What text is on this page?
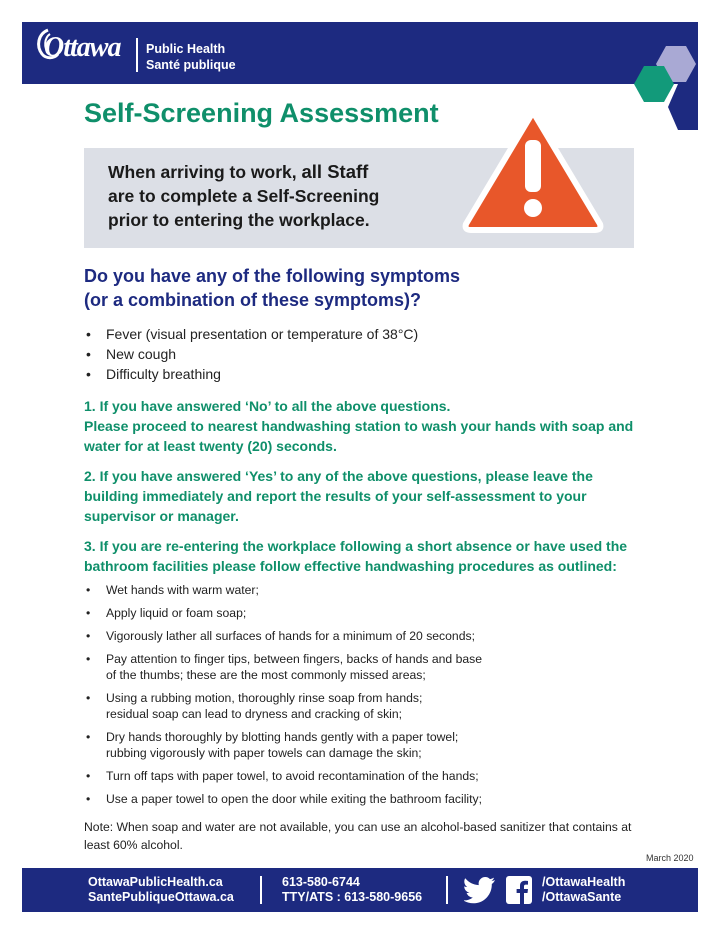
Ottawa Public Health
Santé publique
Self-Screening Assessment
When arriving to work, all Staff
are to complete a Self-Screening
prior to entering the workplace.
Do you have any of the following symptoms
(or a combination of these symptoms)?
• Fever (visual presentation or temperature of 38°C)
• New cough
• Difficulty breathing
1. If you have answered ‘No’ to all the above questions.
Please proceed to nearest handwashing station to wash your hands with soap and water for at least twenty (20) seconds.
2. If you have answered ‘Yes’ to any of the above questions, please leave the building immediately and report the results of your self-assessment to your supervisor or manager.
3. If you are re-entering the workplace following a short absence or have used the bathroom facilities please follow effective handwashing procedures as outlined:
• Wet hands with warm water;
• Apply liquid or foam soap;
• Vigorously lather all surfaces of hands for a minimum of 20 seconds;
• Pay attention to finger tips, between fingers, backs of hands and base
of the thumbs; these are the most commonly missed areas;
• Using a rubbing motion, thoroughly rinse soap from hands;
residual soap can lead to dryness and cracking of skin;
• Dry hands thoroughly by blotting hands gently with a paper towel;
rubbing vigorously with paper towels can damage the skin;
• Turn off taps with paper towel, to avoid recontamination of the hands;
• Use a paper towel to open the door while exiting the bathroom facility;
Note: When soap and water are not available, you can use an alcohol-based sanitizer that contains at least 60% alcohol.
March 2020
OttawaPublicHealth.ca
SantePubliqueOttawa.ca
613-580-6744
TTY/ATS : 613-580-9656
/OttawaHealth
/OttawaSante
